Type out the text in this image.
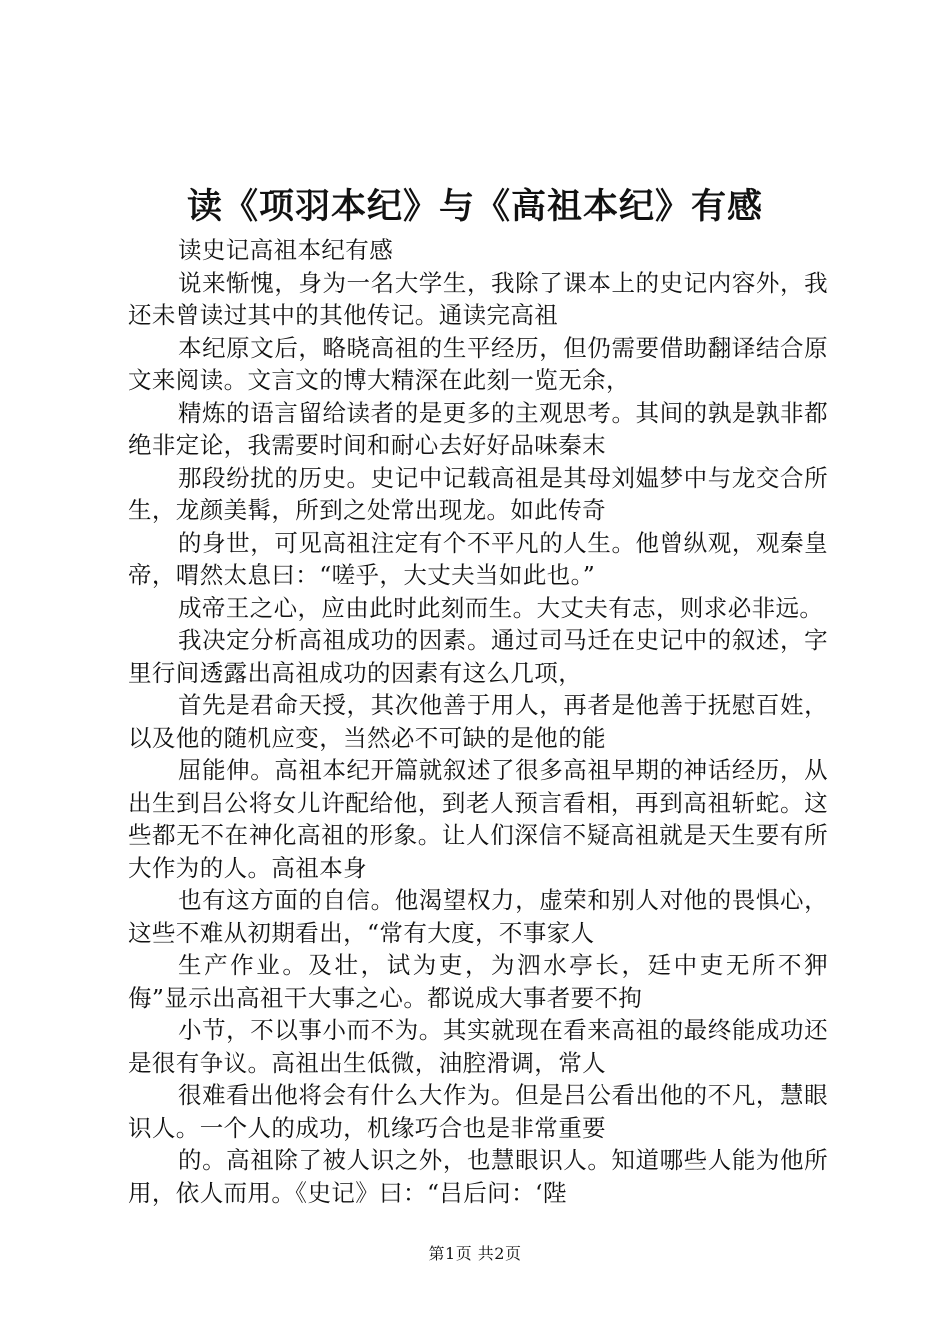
读《项羽本纪》与《高祖本纪》有感

读史记高祖本纪有感

说来惭愧，身为一名大学生，我除了课本上的史记内容外，我还未曾读过其中的其他传记。通读完高祖

本纪原文后，略晓高祖的生平经历，但仍需要借助翻译结合原文来阅读。文言文的博大精深在此刻一览无余，

精炼的语言留给读者的是更多的主观思考。其间的孰是孰非都绝非定论，我需要时间和耐心去好好品味秦末

那段纷扰的历史。史记中记载高祖是其母刘媪梦中与龙交合所生，龙颜美髯，所到之处常出现龙。如此传奇

的身世，可见高祖注定有个不平凡的人生。他曾纵观，观秦皇帝，喟然太息曰：“嗟乎，大丈夫当如此也。”

成帝王之心，应由此时此刻而生。大丈夫有志，则求必非远。

我决定分析高祖成功的因素。通过司马迁在史记中的叙述，字里行间透露出高祖成功的因素有这么几项，

首先是君命天授，其次他善于用人，再者是他善于抚慰百姓，以及他的随机应变，当然必不可缺的是他的能

屈能伸。高祖本纪开篇就叙述了很多高祖早期的神话经历，从出生到吕公将女儿许配给他，到老人预言看相，再到高祖斩蛇。这些都无不在神化高祖的形象。让人们深信不疑高祖就是天生要有所大作为的人。高祖本身

也有这方面的自信。他渴望权力，虚荣和别人对他的畏惧心，这些不难从初期看出，“常有大度，不事家人

生产作业。及壮，试为吏，为泗水亭长，廷中吏无所不狎侮”显示出高祖干大事之心。都说成大事者要不拘

小节，不以事小而不为。其实就现在看来高祖的最终能成功还是很有争议。高祖出生低微，油腔滑调，常人

很难看出他将会有什么大作为。但是吕公看出他的不凡，慧眼识人。一个人的成功，机缘巧合也是非常重要

的。高祖除了被人识之外，也慧眼识人。知道哪些人能为他所用，依人而用。《史记》曰：“吕后问：‘陛

第1页 共2页
